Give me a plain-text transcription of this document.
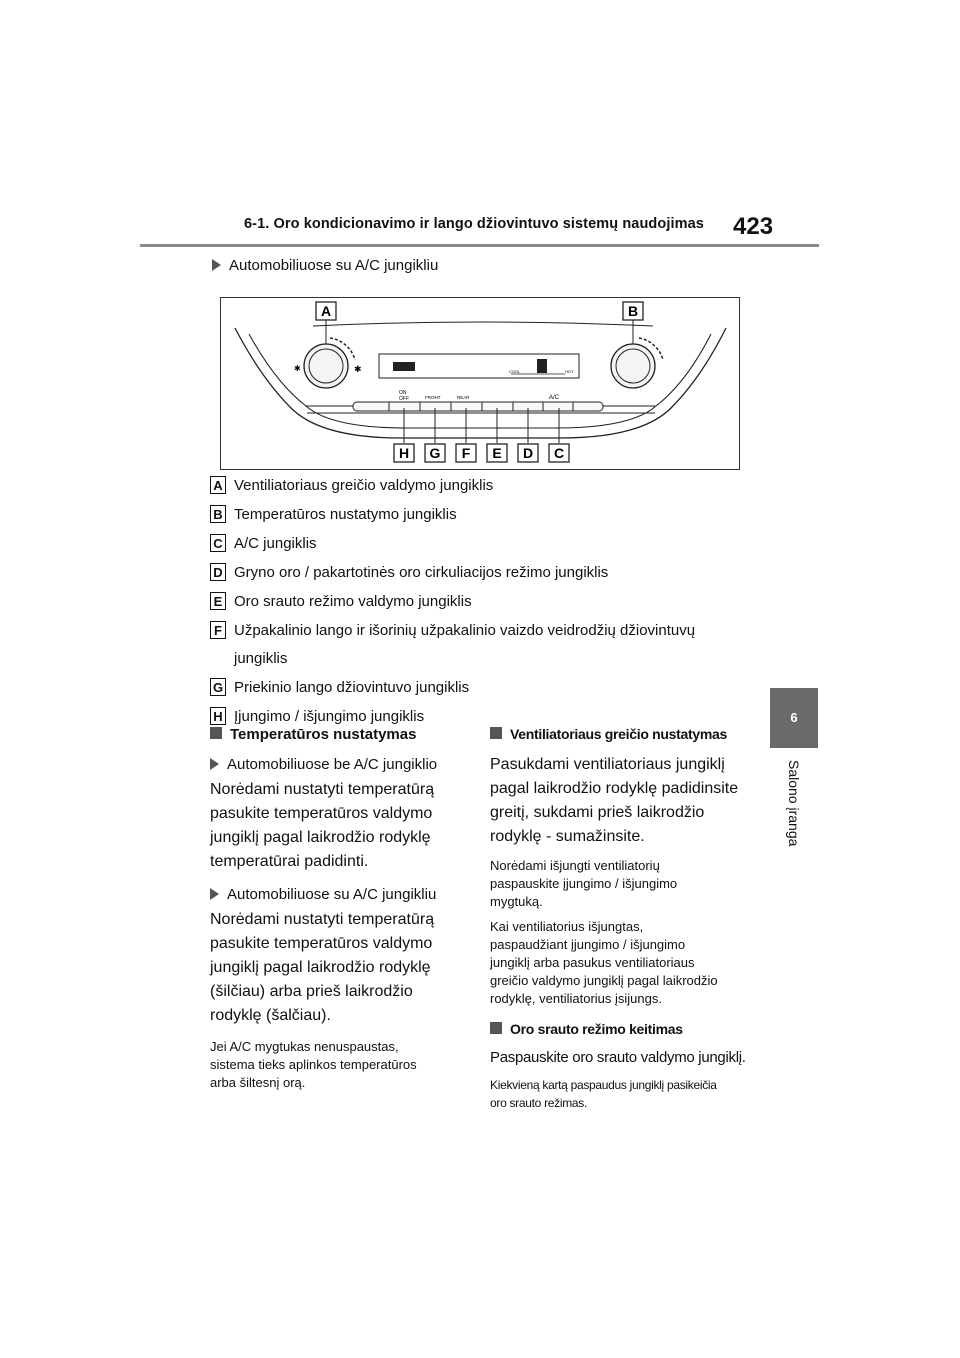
6-1. Oro kondicionavimo ir lango džiovintuvo sistemų naudojimas 423
6
Salono įranga
Automobiliuose su A/C jungikliu
✱	✱	COOL	HOT
ON
OFF	FRONT	REAR	A/C
A	B
H G F E D C
A Ventiliatoriaus greičio valdymo jungiklis
B Temperatūros nustatymo jungiklis
C A/C jungiklis
D Gryno oro / pakartotinės oro cirkuliacijos režimo jungiklis
E Oro srauto režimo valdymo jungiklis
F Užpakalinio lango ir išorinių užpakalinio vaizdo veidrodžių džiovintuvų
jungiklis
G Priekinio lango džiovintuvo jungiklis
H Įjungimo / išjungimo jungiklis
Temperatūros nustatymas
Automobiliuose be A/C jungiklio
Norėdami nustatyti temperatūrą
pasukite temperatūros valdymo
jungiklį pagal laikrodžio rodyklę
temperatūrai padidinti.
Automobiliuose su A/C jungikliu
Norėdami nustatyti temperatūrą
pasukite temperatūros valdymo
jungiklį pagal laikrodžio rodyklę
(šilčiau) arba prieš laikrodžio
rodyklę (šalčiau).
Jei A/C mygtukas nenuspaustas,
sistema tieks aplinkos temperatūros
arba šiltesnį orą.
Ventiliatoriaus greičio nustatymas
Pasukdami ventiliatoriaus jungiklį
pagal laikrodžio rodyklę padidinsite
greitį, sukdami prieš laikrodžio
rodyklę - sumažinsite.
Norėdami išjungti ventiliatorių
paspauskite įjungimo / išjungimo
mygtuką.
Kai ventiliatorius išjungtas,
paspaudžiant įjungimo / išjungimo
jungiklį arba pasukus ventiliatoriaus
greičio valdymo jungiklį pagal laikrodžio
rodyklę, ventiliatorius įsijungs.
Oro srauto režimo keitimas
Paspauskite oro srauto valdymo jungiklį.
Kiekvieną kartą paspaudus jungiklį pasikeičia
oro srauto režimas.
